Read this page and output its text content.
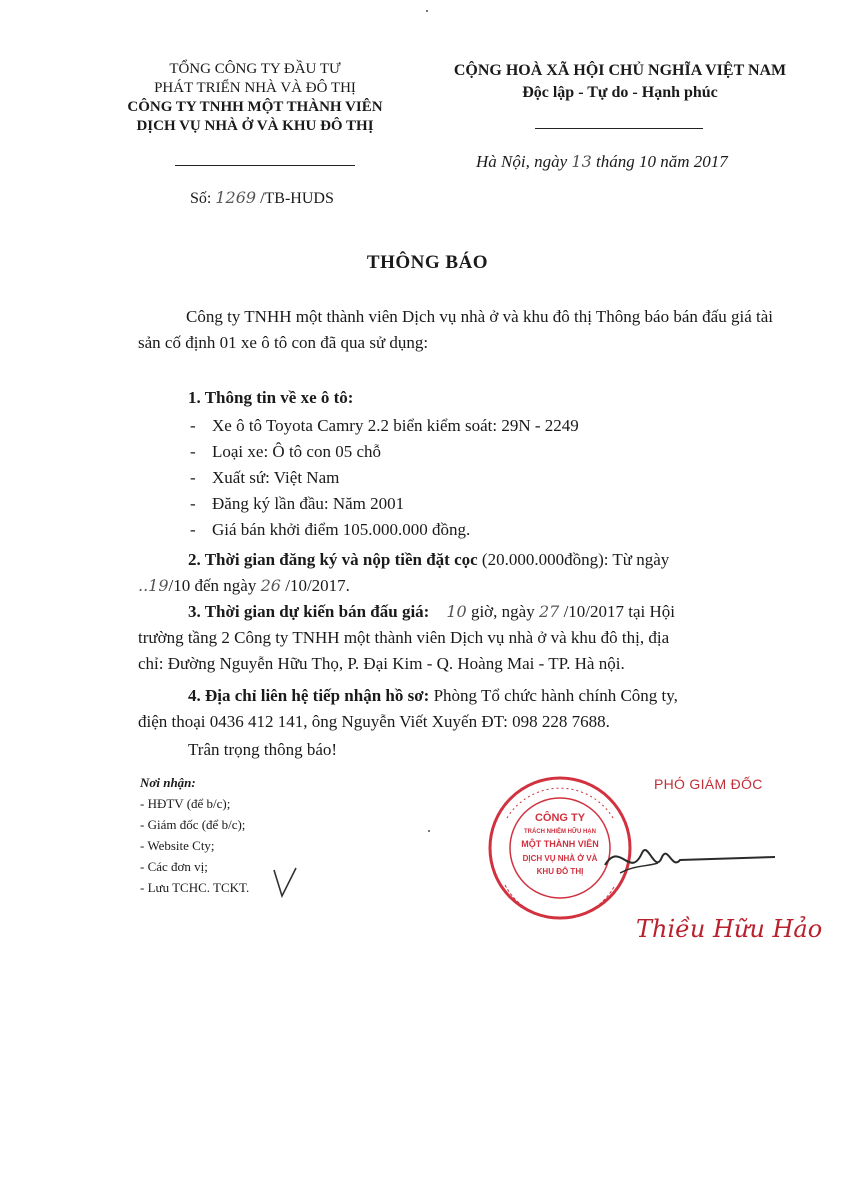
TỔNG CÔNG TY ĐẦU TƯ
PHÁT TRIỂN NHÀ VÀ ĐÔ THỊ
CÔNG TY TNHH MỘT THÀNH VIÊN
DỊCH VỤ NHÀ Ở VÀ KHU ĐÔ THỊ
CỘNG HOÀ XÃ HỘI CHỦ NGHĨA VIỆT NAM
Độc lập - Tự do - Hạnh phúc
Hà Nội, ngày 13 tháng 10 năm 2017
Số: 1269 /TB-HUDS
THÔNG BÁO
Công ty TNHH một thành viên Dịch vụ nhà ở và khu đô thị Thông báo bán đấu giá tài sản cố định 01 xe ô tô con đã qua sử dụng:
1. Thông tin về xe ô tô:
- Xe ô tô Toyota Camry 2.2 biển kiểm soát: 29N - 2249
- Loại xe: Ô tô con 05 chỗ
- Xuất sứ: Việt Nam
- Đăng ký lần đầu: Năm 2001
- Giá bán khởi điểm 105.000.000 đồng.
2. Thời gian đăng ký và nộp tiền đặt cọc (20.000.000đồng): Từ ngày
..19/10 đến ngày 26 /10/2017.
3. Thời gian dự kiến bán đấu giá: 10 giờ, ngày 27 /10/2017 tại Hội
trường tầng 2 Công ty TNHH một thành viên Dịch vụ nhà ở và khu đô thị, địa
chỉ: Đường Nguyễn Hữu Thọ, P. Đại Kim - Q. Hoàng Mai - TP. Hà nội.
4. Địa chỉ liên hệ tiếp nhận hồ sơ: Phòng Tổ chức hành chính Công ty,
điện thoại 0436 412 141, ông Nguyễn Viết Xuyến ĐT: 098 228 7688.
Trân trọng thông báo!
Nơi nhận:
- HĐTV (để b/c);
- Giám đốc (để b/c);
- Website Cty;
- Các đơn vị;
- Lưu TCHC. TCKT.
PHÓ GIÁM ĐỐC
CÔNG TY
TRÁCH NHIỆM HỮU HẠN
MỘT THÀNH VIÊN
DỊCH VỤ NHÀ Ở VÀ
KHU ĐÔ THỊ
Thiều Hữu Hảo
